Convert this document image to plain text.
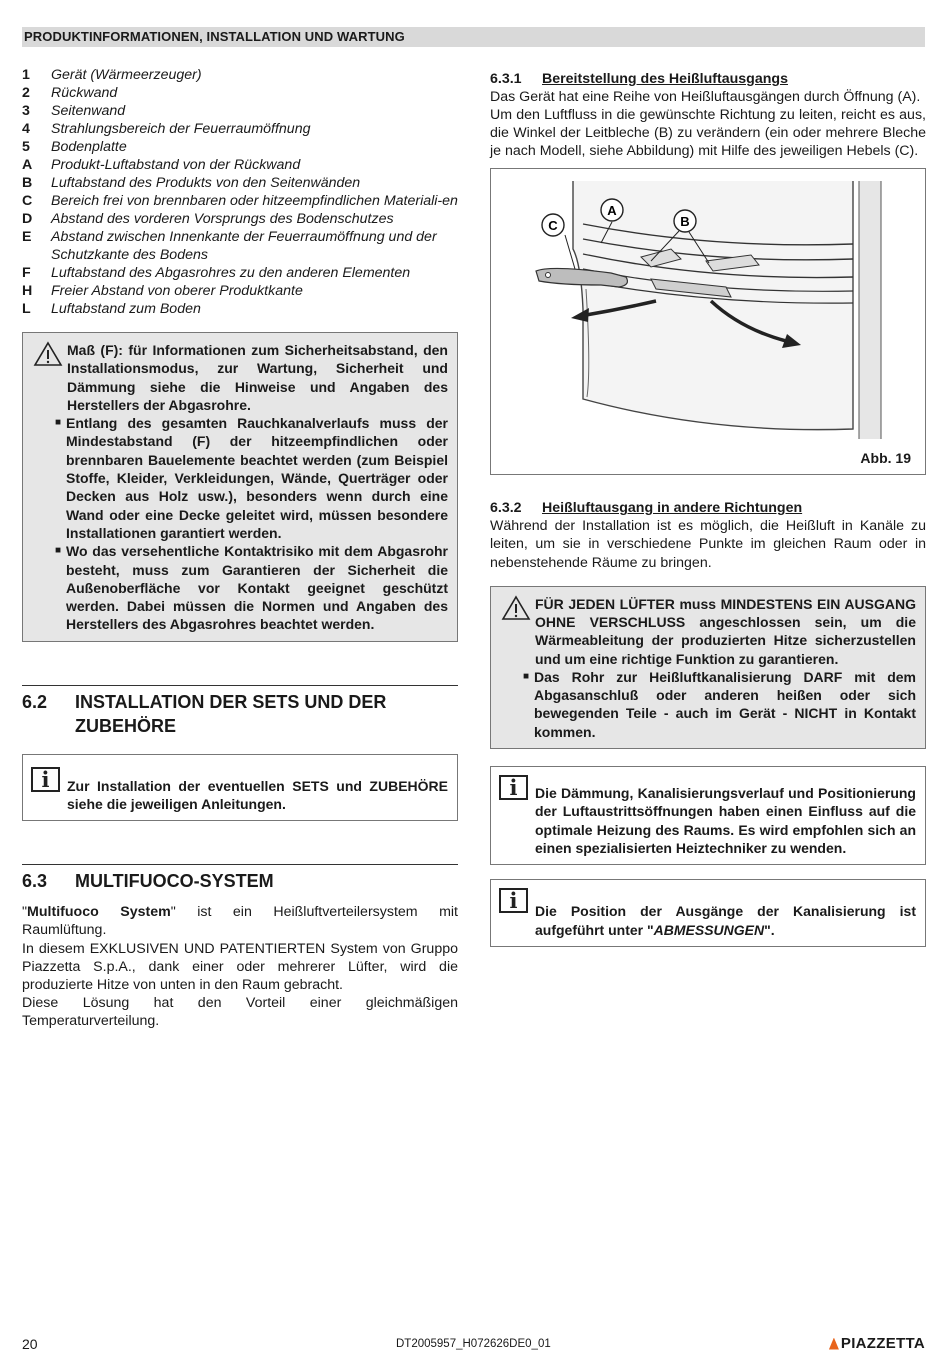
PRODUKTINFORMATIONEN, INSTALLATION UND WARTUNG
1	Gerät (Wärmeerzeuger)
2	Rückwand
3	Seitenwand
4	Strahlungsbereich der Feuerraumöffnung
5	Bodenplatte
A	Produkt-Luftabstand von der Rückwand
B	Luftabstand des Produkts von den Seitenwänden
C	Bereich frei von brennbaren oder hitzeempfindlichen Materiali-en
D	Abstand des vorderen Vorsprungs des Bodenschutzes
E	Abstand zwischen Innenkante der Feuerraumöffnung und der Schutzkante des Bodens
F	Luftabstand des Abgasrohres zu den anderen Elementen
H	Freier Abstand von oberer Produktkante
L	Luftabstand zum Boden

Maß (F): für Informationen zum Sicherheitsabstand, den Installationsmodus, zur Wartung, Sicherheit und Dämmung siehe die Hinweise und Angaben des Herstellers der Abgasrohre.

■ Entlang des gesamten Rauchkanalverlaufs muss der Mindestabstand (F) der hitzeempfindlichen oder brennbaren Bauelemente beachtet werden (zum Beispiel Stoffe, Kleider, Verkleidungen, Wände, Querträger oder Decken aus Holz usw.), besonders wenn durch eine Wand oder eine Decke geleitet wird, müssen besondere Installationen garantiert werden.
■ Wo das versehentliche Kontaktrisiko mit dem Abgasrohr besteht, muss zum Garantieren der Sicherheit die Außenoberfläche vor Kontakt geeignet geschützt werden. Dabei müssen die Normen und Angaben des Herstellers des Abgasrohres beachtet werden.
6.2	INSTALLATION DER SETS UND DER ZUBEHÖRE
i	Zur Installation der eventuellen SETS und ZUBEHÖRE siehe die jeweiligen Anleitungen.
6.3	MULTIFUOCO-SYSTEM

"Multifuoco System" ist ein Heißluftverteilersystem mit Raumlüftung.

In diesem EXKLUSIVEN UND PATENTIERTEN System von Gruppo Piazzetta S.p.A., dank einer oder mehrerer Lüfter, wird die produzierte Hitze von unten in den Raum gebracht.

Diese Lösung hat den Vorteil einer gleichmäßigen Temperaturverteilung.

6.3.1	Bereitstellung des Heißluftausgangs

Das Gerät hat eine Reihe von Heißluftausgängen durch Öffnung (A).

Um den Luftfluss in die gewünschte Richtung zu leiten, reicht es aus, die Winkel der Leitbleche (B) zu verändern (ein oder mehrere Bleche je nach Modell, siehe Abbildung) mit Hilfe des jeweiligen Hebels (C).

C
A
B
Abb. 19
6.3.2	Heißluftausgang in andere Richtungen

Während der Installation ist es möglich, die Heißluft in Kanäle zu leiten, um sie in verschiedene Punkte im gleichen Raum oder in nebenstehende Räume zu bringen.

FÜR JEDEN LÜFTER muss MINDESTENS EIN AUSGANG OHNE VERSCHLUSS angeschlossen sein, um die Wärmeableitung der produzierten Hitze sicherzustellen und um eine richtige Funktion zu garantieren.

■ Das Rohr zur Heißluftkanalisierung DARF mit dem Abgasanschluß oder anderen heißen oder sich bewegenden Teile - auch im Gerät - NICHT in Kontakt kommen.
i	Die Dämmung, Kanalisierungsverlauf und Positionierung der Luftaustrittsöffnungen haben einen Einfluss auf die optimale Heizung des Raums. Es wird empfohlen sich an einen spezialisierten Heiztechniker zu wenden.
i	Die Position der Ausgänge der Kanalisierung ist aufgeführt unter "ABMESSUNGEN".
20	DT2005957_H072626DE0_01	PIAZZETTA
